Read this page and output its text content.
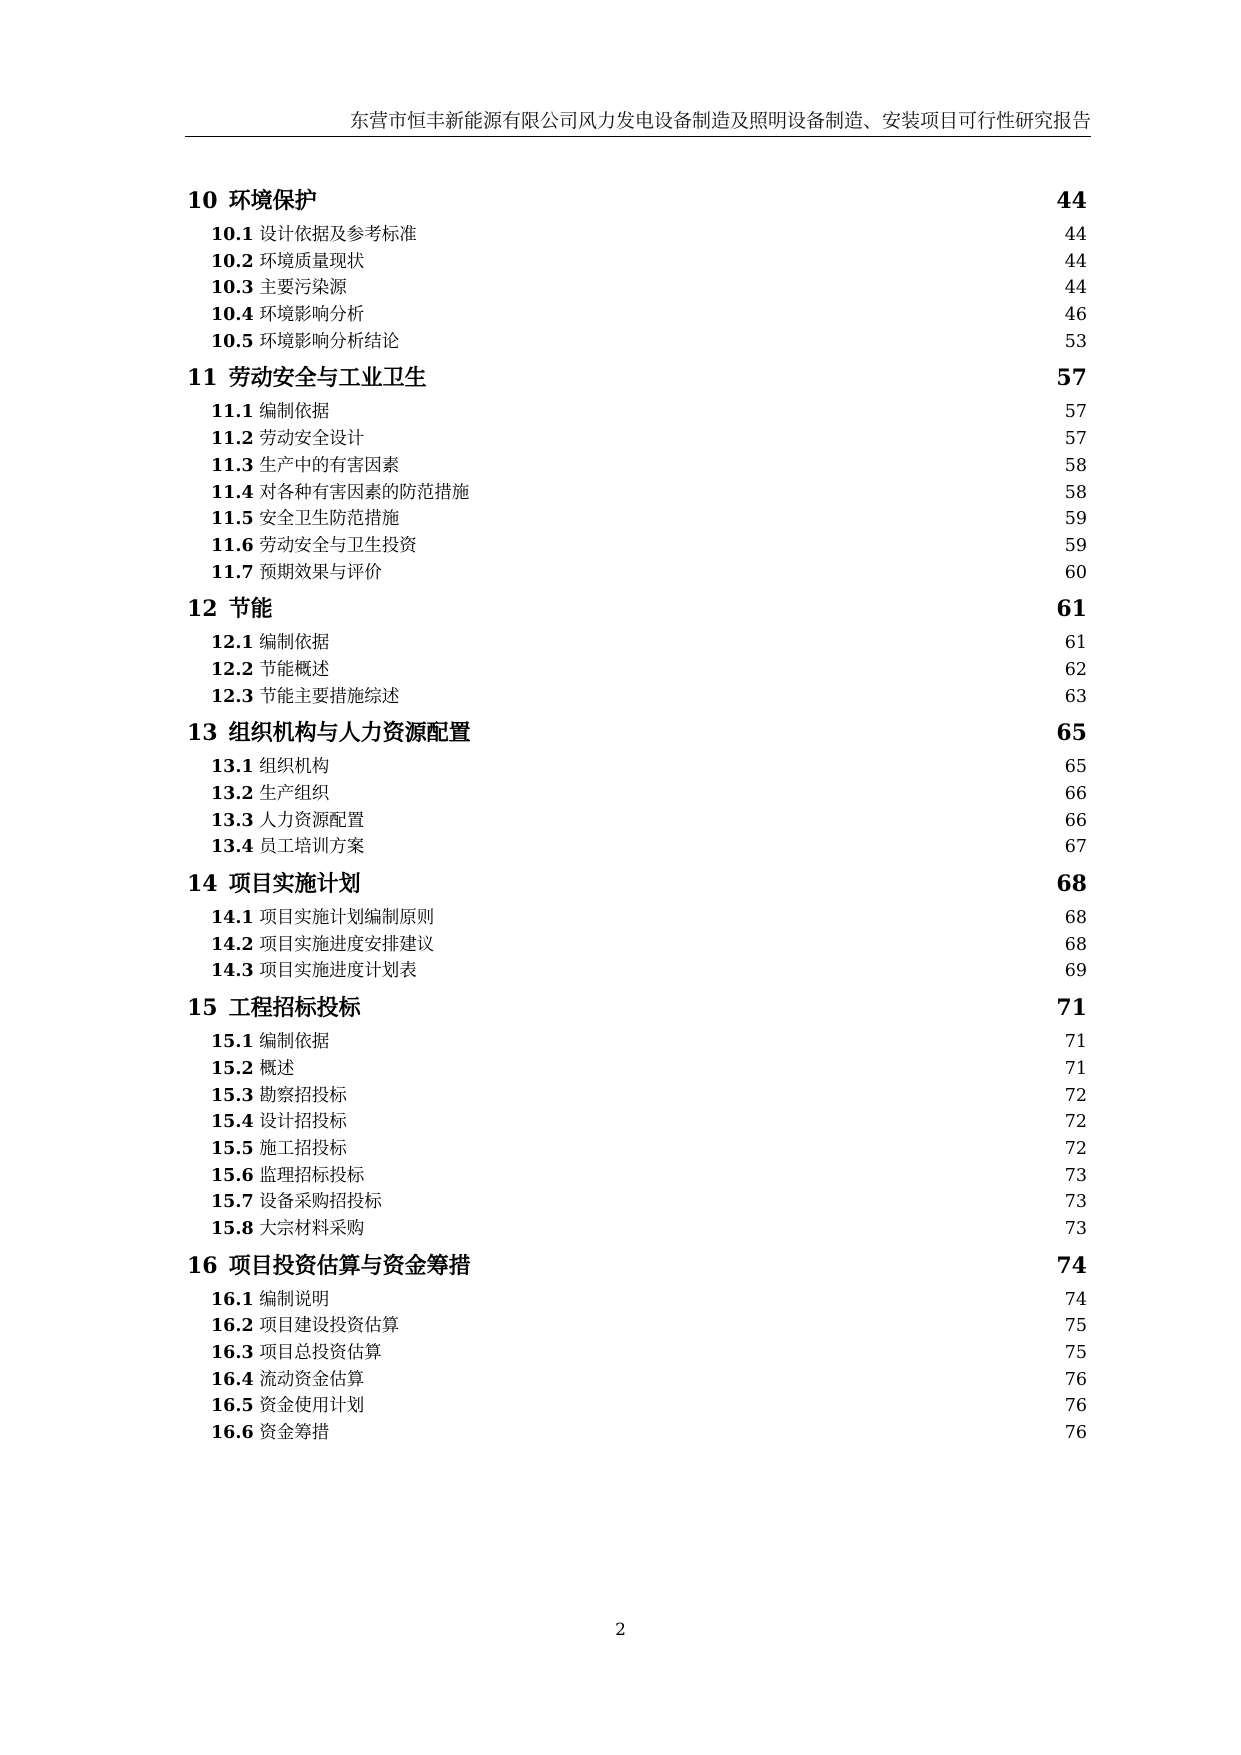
东营市恒丰新能源有限公司风力发电设备制造及照明设备制造、安装项目可行性研究报告
10  环境保护	44
10.1 设计依据及参考标准	44
10.2 环境质量现状	44
10.3 主要污染源	44
10.4 环境影响分析	46
10.5 环境影响分析结论	53
11  劳动安全与工业卫生	57
11.1 编制依据	57
11.2 劳动安全设计	57
11.3 生产中的有害因素	58
11.4 对各种有害因素的防范措施	58
11.5 安全卫生防范措施	59
11.6 劳动安全与卫生投资	59
11.7 预期效果与评价	60
12  节能	61
12.1 编制依据	61
12.2 节能概述	62
12.3 节能主要措施综述	63
13  组织机构与人力资源配置	65
13.1 组织机构	65
13.2 生产组织	66
13.3 人力资源配置	66
13.4 员工培训方案	67
14  项目实施计划	68
14.1 项目实施计划编制原则	68
14.2 项目实施进度安排建议	68
14.3 项目实施进度计划表	69
15  工程招标投标	71
15.1 编制依据	71
15.2 概述	71
15.3 勘察招投标	72
15.4 设计招投标	72
15.5 施工招投标	72
15.6 监理招标投标	73
15.7 设备采购招投标	73
15.8 大宗材料采购	73
16  项目投资估算与资金筹措	74
16.1 编制说明	74
16.2 项目建设投资估算	75
16.3 项目总投资估算	75
16.4 流动资金估算	76
16.5 资金使用计划	76
16.6 资金筹措	76
2
